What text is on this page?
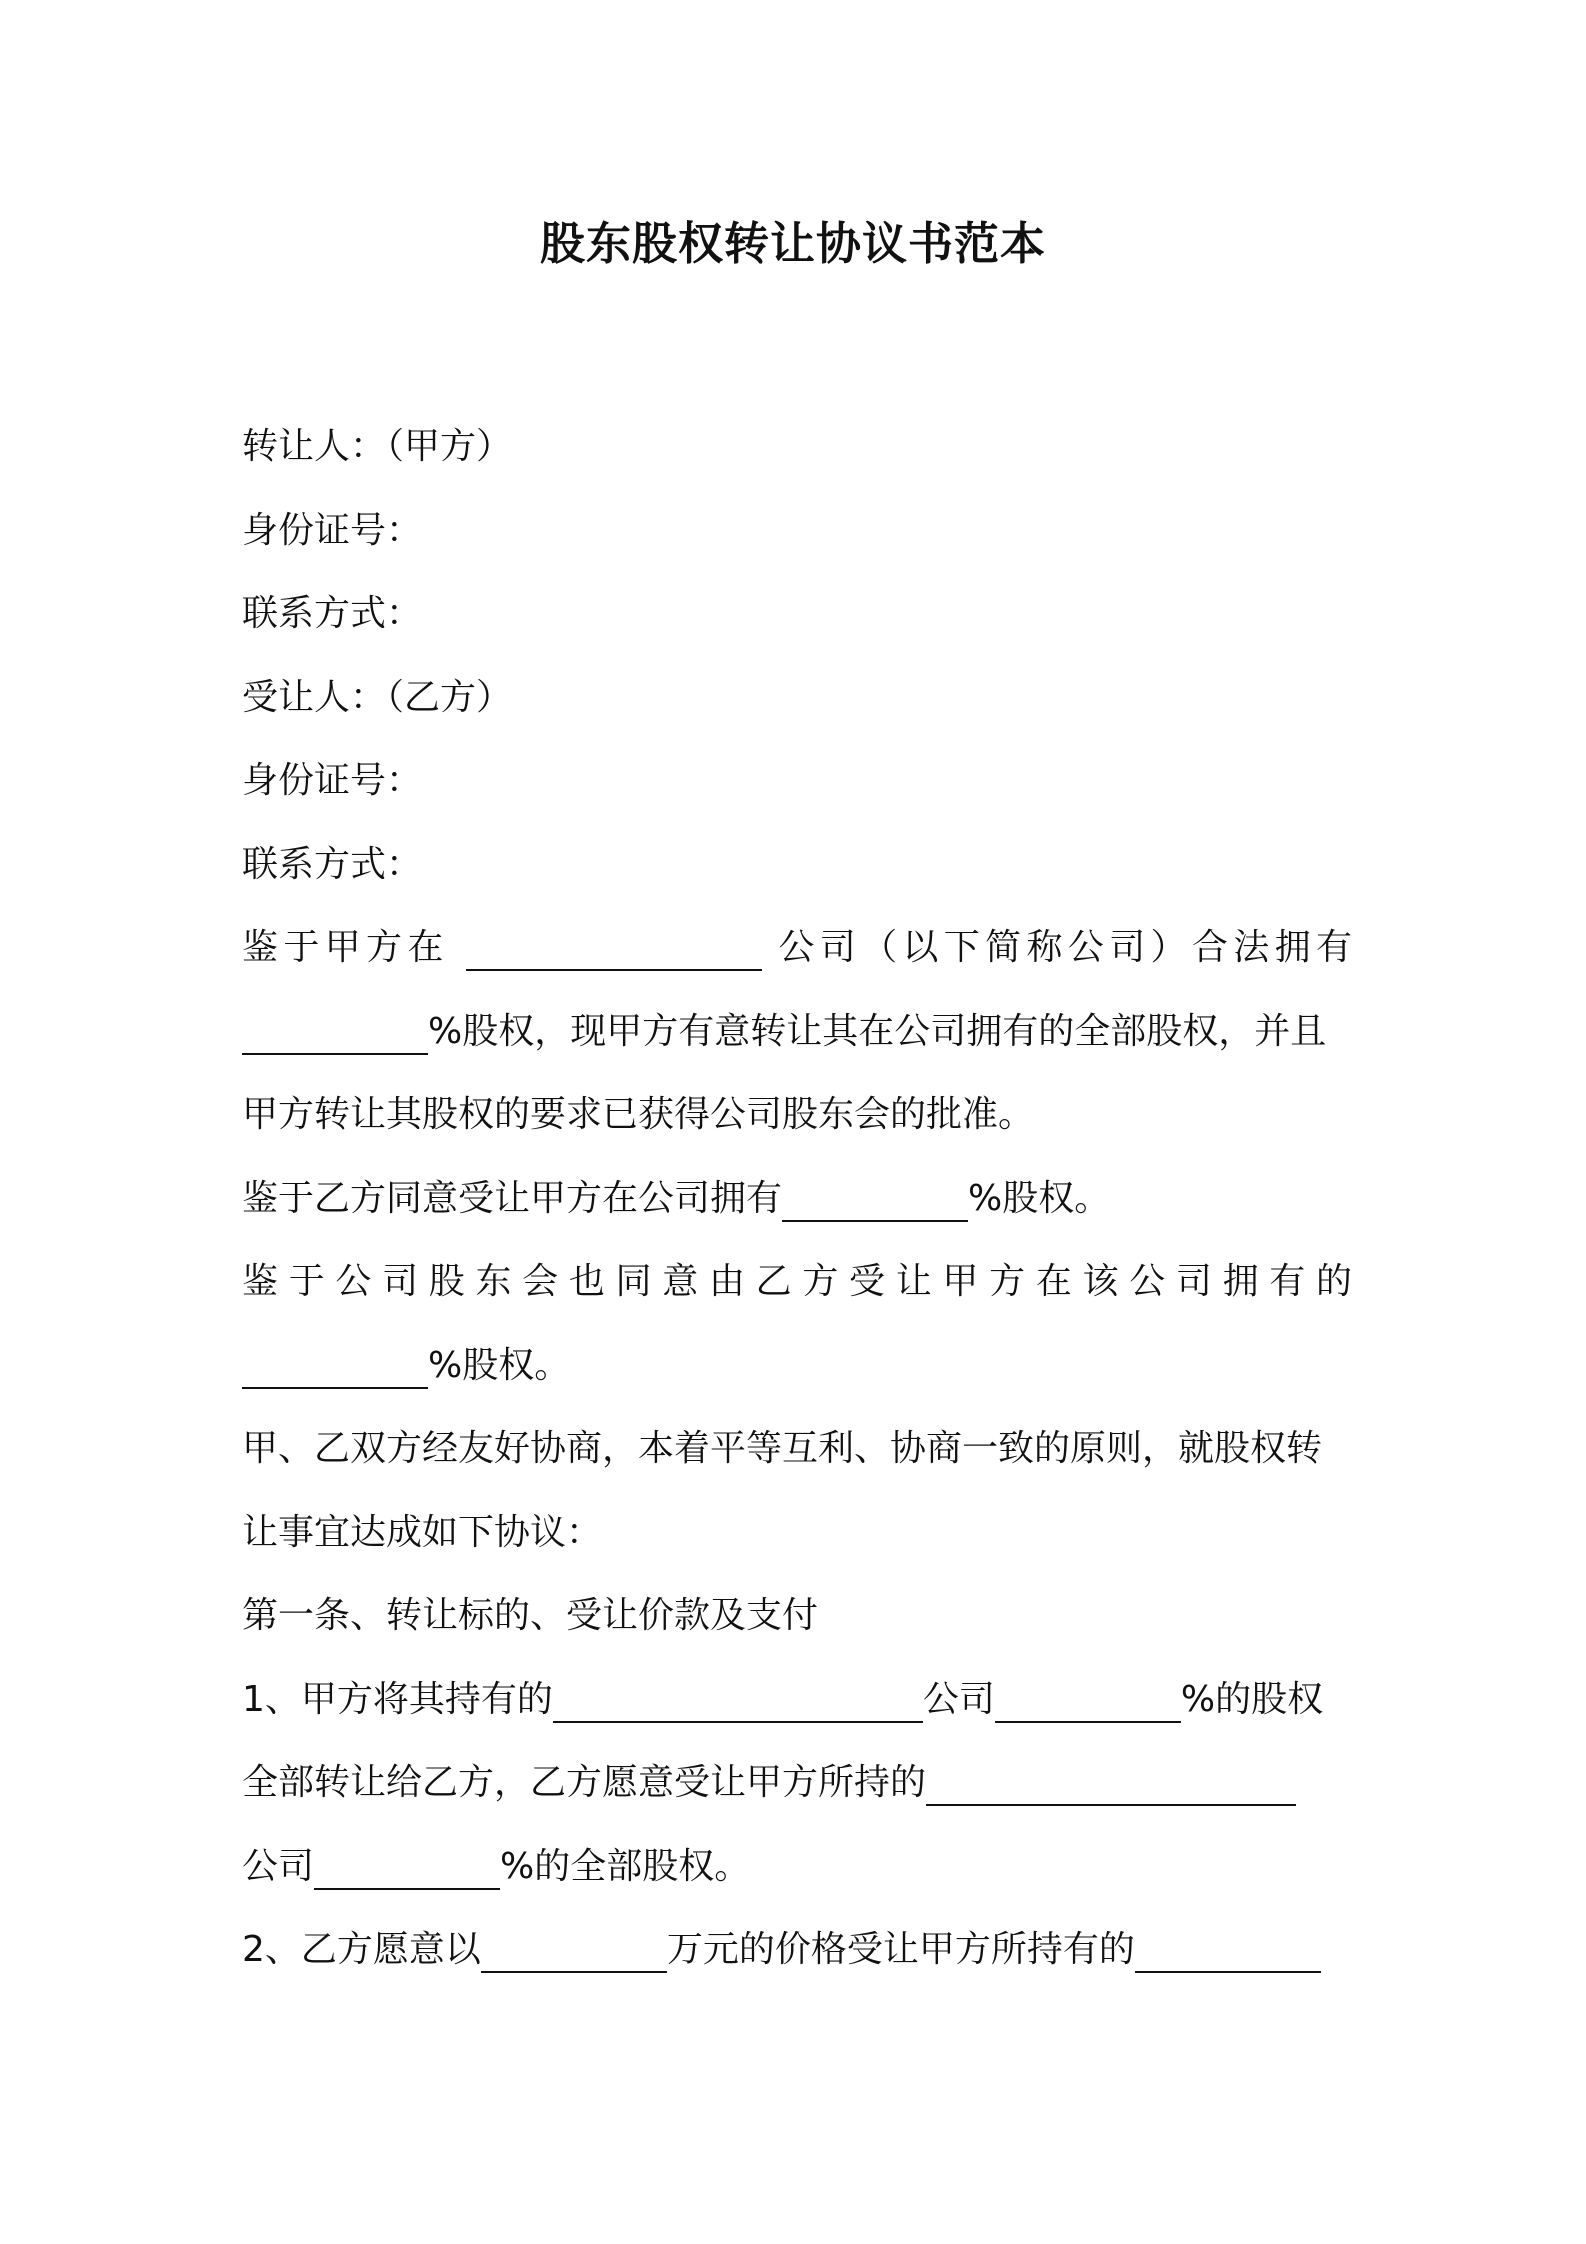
股东股权转让协议书范本
转让人：（甲方）
身份证号：
联系方式：
受让人：（乙方）
身份证号：
联系方式：
鉴于甲方在	公司（以下简称公司）合法拥有
%股权，现甲方有意转让其在公司拥有的全部股权，并且
甲方转让其股权的要求已获得公司股东会的批准。
鉴于乙方同意受让甲方在公司拥有	%股权。
鉴于公司股东会也同意由乙方受让甲方在该公司拥有的
%股权。
甲、乙双方经友好协商，本着平等互利、协商一致的原则，就股权转
让事宜达成如下协议：
第一条、转让标的、受让价款及支付
1、甲方将其持有的	公司	%的股权
全部转让给乙方，乙方愿意受让甲方所持的
公司	%的全部股权。
2、乙方愿意以	万元的价格受让甲方所持有的
